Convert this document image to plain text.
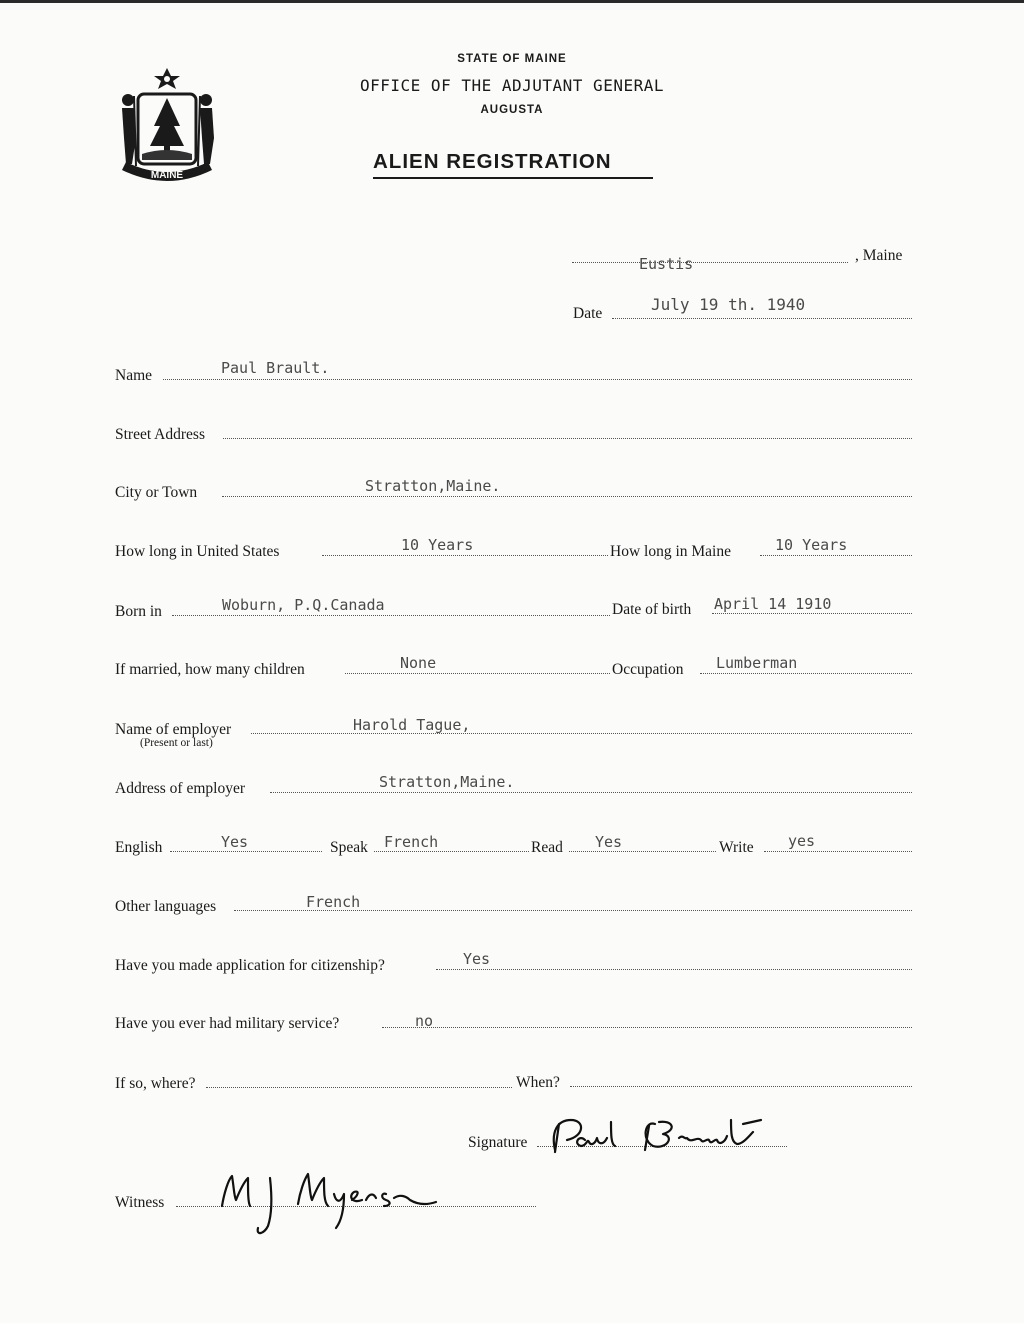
MAINE
STATE OF MAINE
OFFICE OF THE ADJUTANT GENERAL
AUGUSTA
ALIEN REGISTRATION
Eustis	, Maine
Date	July 19 th. 1940
Name	Paul Brault.
Street Address
City or Town	Stratton,Maine.
How long in United States	10 Years	How long in Maine	10 Years
Born in	Woburn, P.Q.Canada	Date of birth April 14 1910
If married, how many children	None	Occupation Lumberman
Name of employer
(Present or last)
Harold Tague,
Address of employer	Stratton,Maine.
English	Yes	Speak French	Read Yes	Write yes
Other languages	French
Have you made application for citizenship?	Yes
Have you ever had military service?	no
If so, where?	When?
Signature
Witness
